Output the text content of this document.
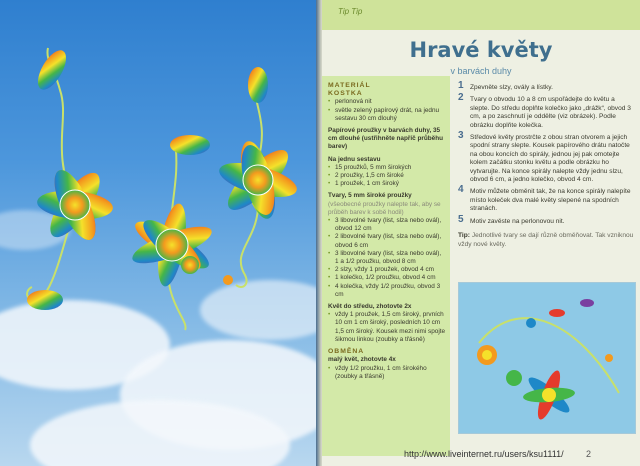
Tip Tip
Hravé květy
v barvách duhy
MATERIÁL
KOSTKA
• perlonová nit
• světle zelený papírový drát, na jednu sestavu 30 cm dlouhý
Papírové proužky v barvách duhy, 35 cm dlouhé (ustřihněte napříč průběhu barev)
Na jednu sestavu
• 15 proužků, 5 mm širokých
• 2 proužky, 1,5 cm široké
• 1 proužek, 1 cm široký
Tvary, 5 mm široké proužky
(všeobecné proužky nalepte tak, aby se průběh barev k sobě hodil)
• 3 libovolné tvary (list, slza nebo ovál), obvod 12 cm
• 2 libovolné tvary (list, slza nebo ovál), obvod 6 cm
• 3 libovolné tvary (list, slza nebo ovál), 1 a 1/2 proužku, obvod 8 cm
• 2 slzy, vždy 1 proužek, obvod 4 cm
• 1 kolečko, 1/2 proužku, obvod 4 cm
• 4 kolečka, vždy 1/2 proužku, obvod 3 cm
Květ do středu, zhotovte 2x
• vždy 1 proužek, 1,5 cm široký, prvních 10 cm 1 cm široký, posledních 10 cm 1,5 cm široký. Kousek mezi nimi spojte šikmou linkou (zoubky a třásně)
OBMĚNA
malý květ, zhotovte 4x
• vždy 1/2 proužku, 1 cm širokého (zoubky a třásně)
1 Zpevněte slzy, ovály a lístky.
2 Tvary o obvodu 10 a 8 cm uspořádejte do květu a slepte. Do středu doplňte kolečko jako „drážk“, obvod 3 cm, a po zaschnutí je oddělte (viz obrázek). Podle obrázku doplňte kolečka.
3 Středové květy prostrčte z obou stran otvorem a jejich spodní strany slepte. Kousek papírového drátu natočte na obou koncích do spirály, jednou jej pak omotejte kolem začátku stonku květu a podle obrázku ho vytvarujte. Na konce spirály nalepte vždy jednu slzu, obvod 6 cm, a jedno kolečko, obvod 4 cm.
4 Motiv můžete obměnit tak, že na konce spirály nalepíte místo koleček dva malé květy slepené na spodních stranách.
5 Motiv zavěste na perlonovou nit.
Tip: Jednotlivé tvary se dají různě obměňovat. Tak vzniknou vždy nové květy.
http://www.liveinternet.ru/users/ksu1111/ 2
